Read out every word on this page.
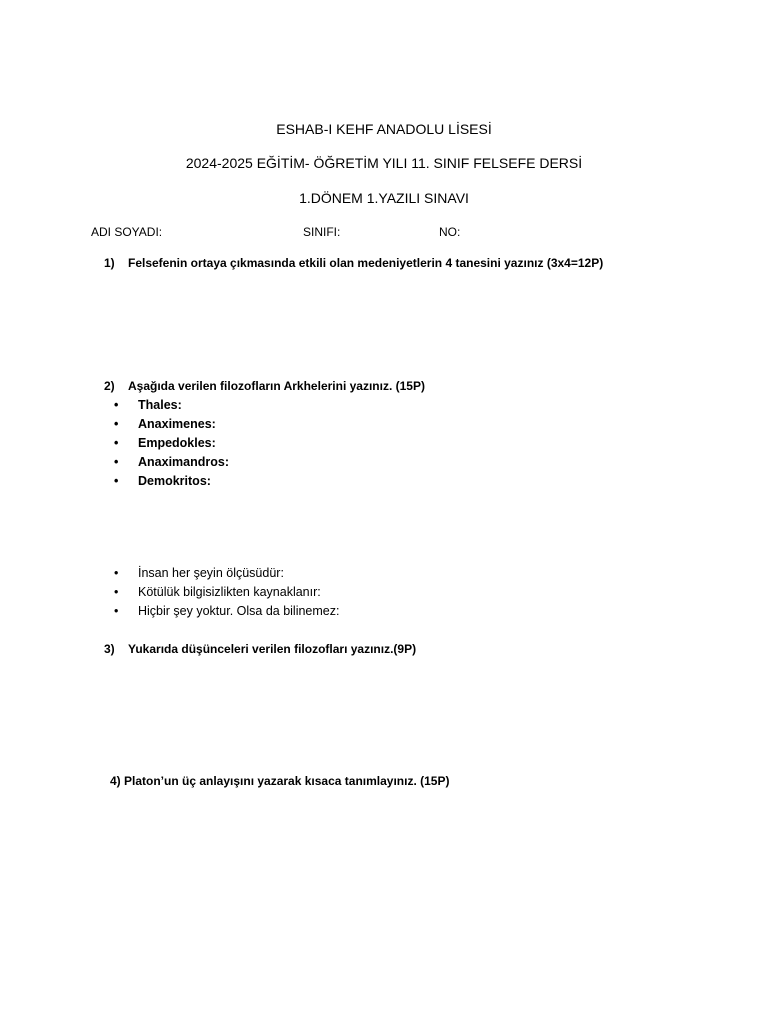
ESHAB-I KEHF ANADOLU LİSESİ
2024-2025 EĞİTİM- ÖĞRETİM YILI 11. SINIF FELSEFE DERSİ
1.DÖNEM 1.YAZILI SINAVI
ADI SOYADI:	SINIFI:	NO:
1) Felsefenin ortaya çıkmasında etkili olan medeniyetlerin 4 tanesini yazınız (3x4=12P)
2) Aşağıda verilen filozofların Arkhelerini yazınız. (15P)
• Thales:
• Anaximenes:
• Empedokles:
• Anaximandros:
• Demokritos:
• İnsan her şeyin ölçüsüdür:
• Kötülük bilgisizlikten kaynaklanır:
• Hiçbir şey yoktur. Olsa da bilinemez:
3) Yukarıda düşünceleri verilen filozofları yazınız.(9P)
4) Platon’un üç anlayışını yazarak kısaca tanımlayınız. (15P)
